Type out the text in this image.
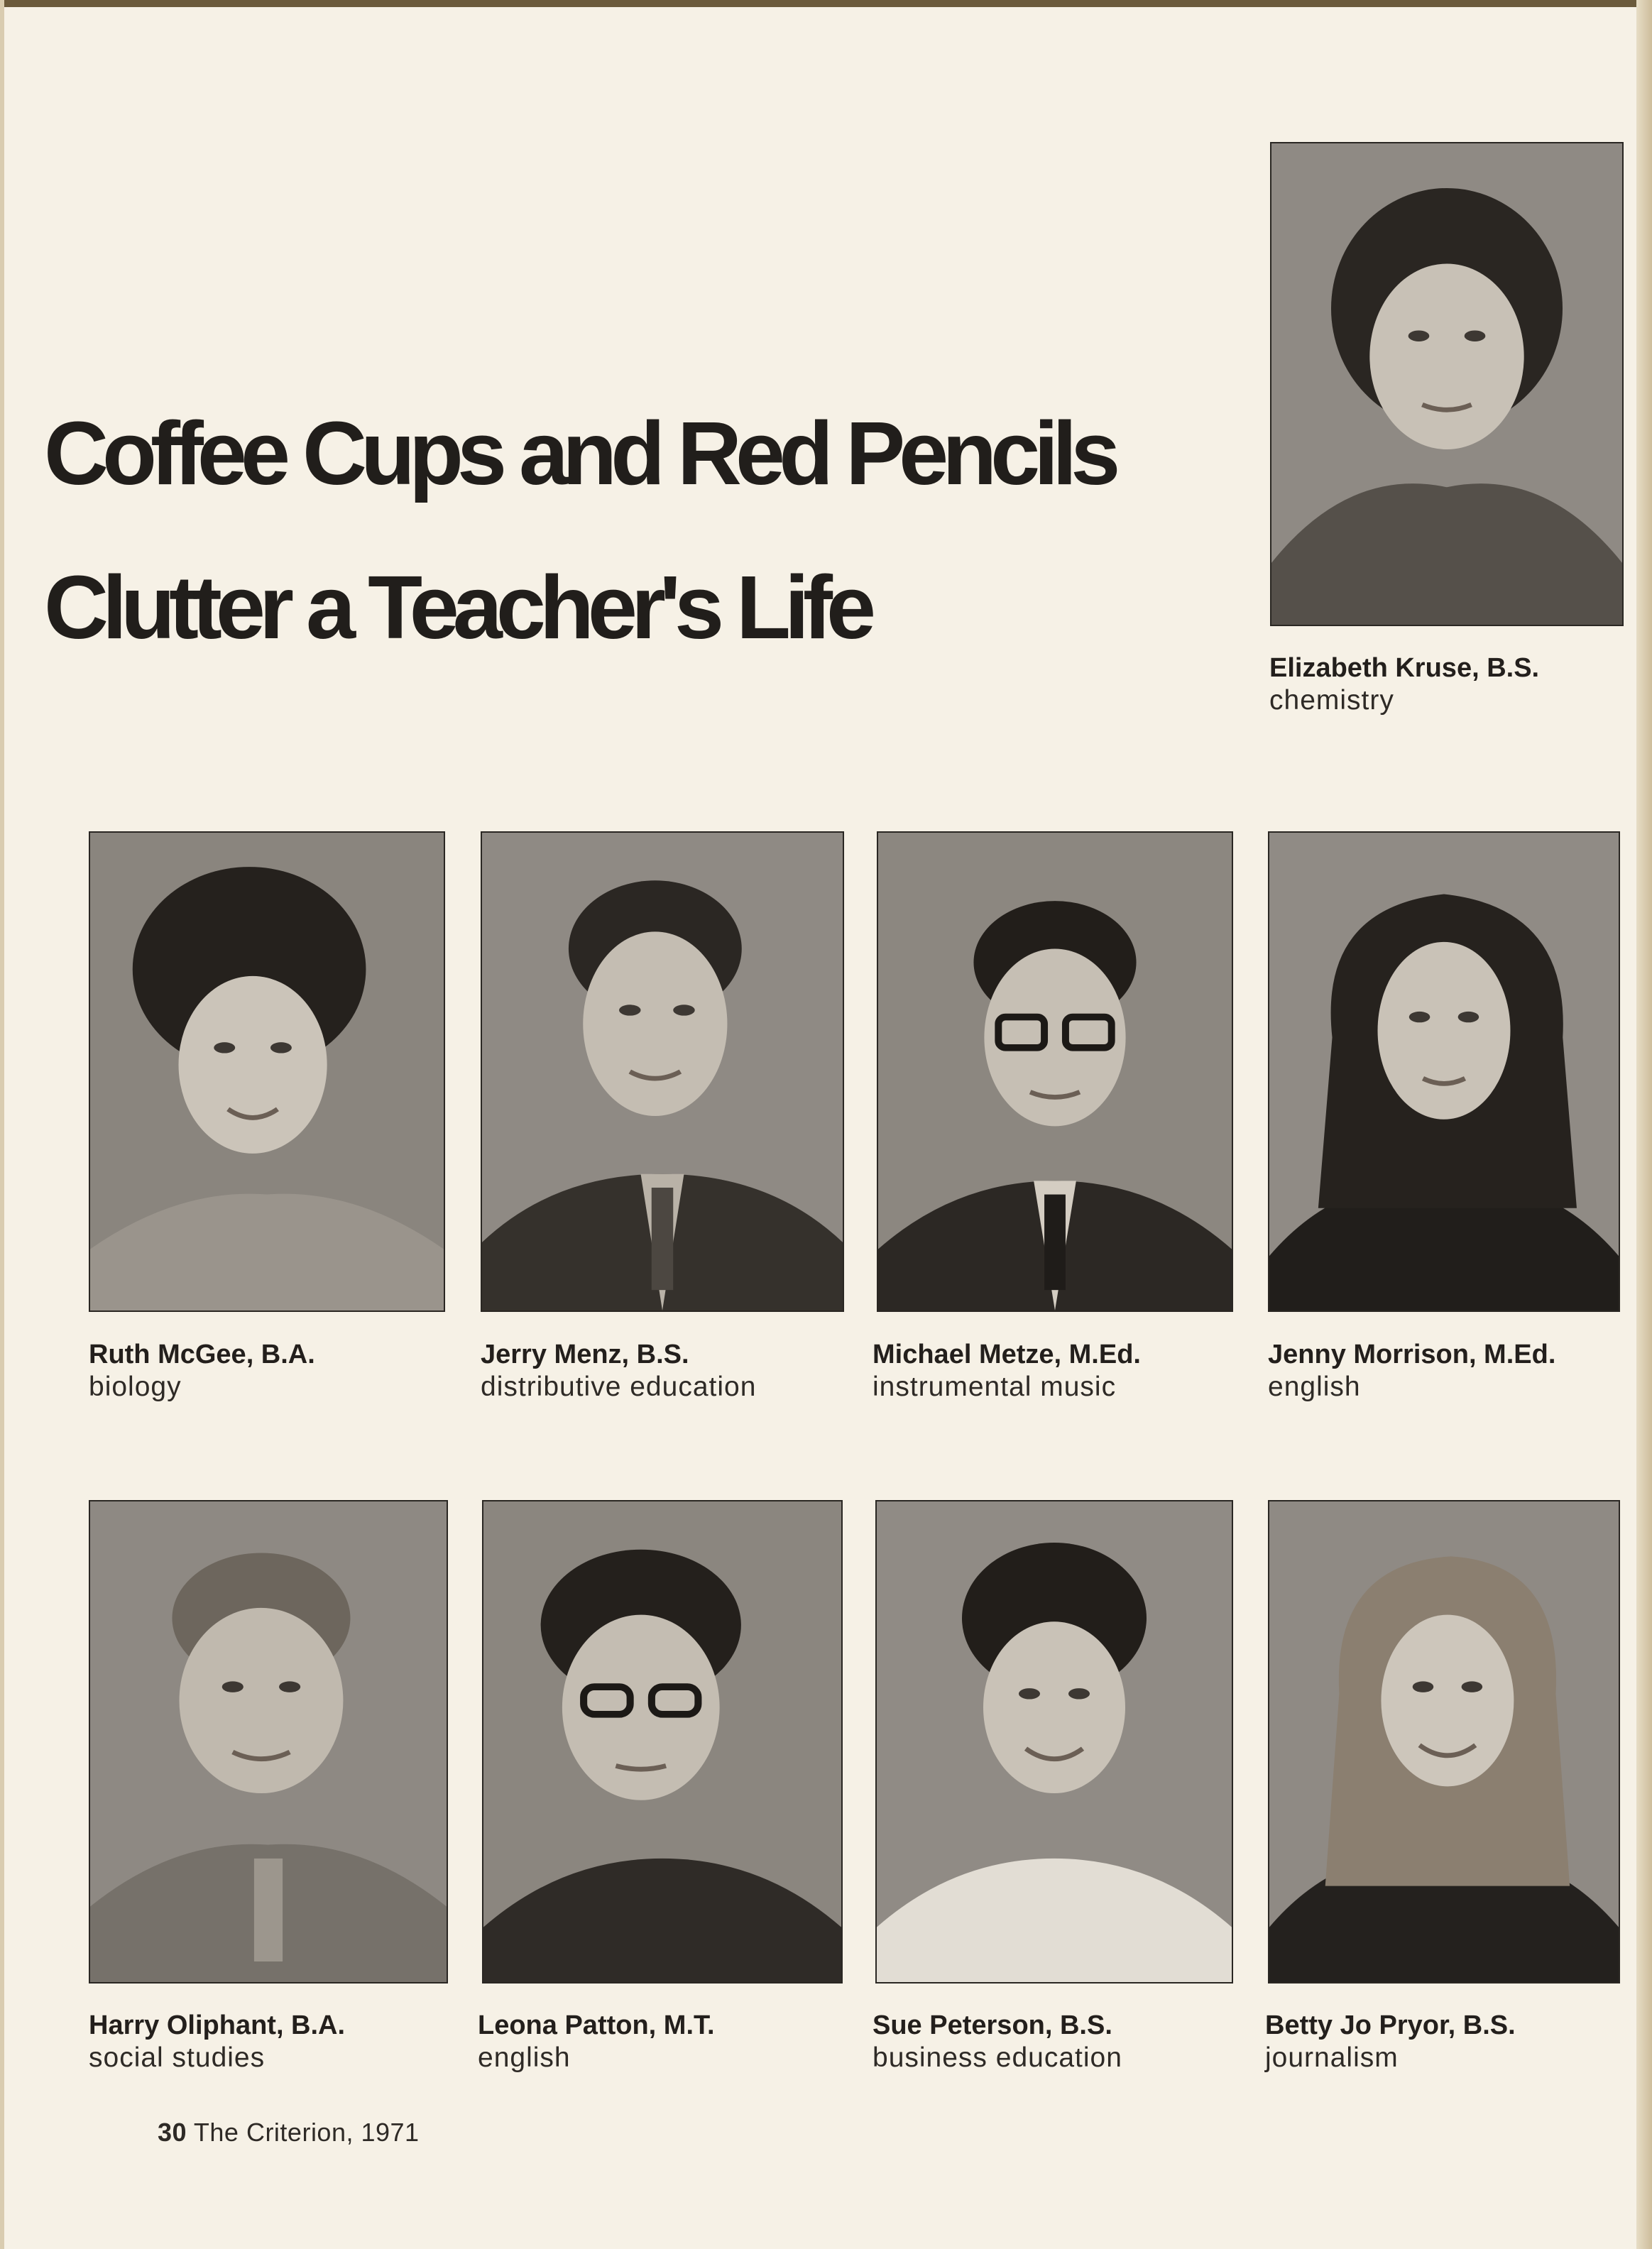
Coffee Cups and Red Pencils
Clutter a Teacher's Life
Elizabeth Kruse, B.S.
chemistry
Ruth McGee, B.A.
biology
Jerry Menz, B.S.
distributive education
Michael Metze, M.Ed.
instrumental music
Jenny Morrison, M.Ed.
english
Harry Oliphant, B.A.
social studies
Leona Patton, M.T.
english
Sue Peterson, B.S.
business education
Betty Jo Pryor, B.S.
journalism
30 The Criterion, 1971
